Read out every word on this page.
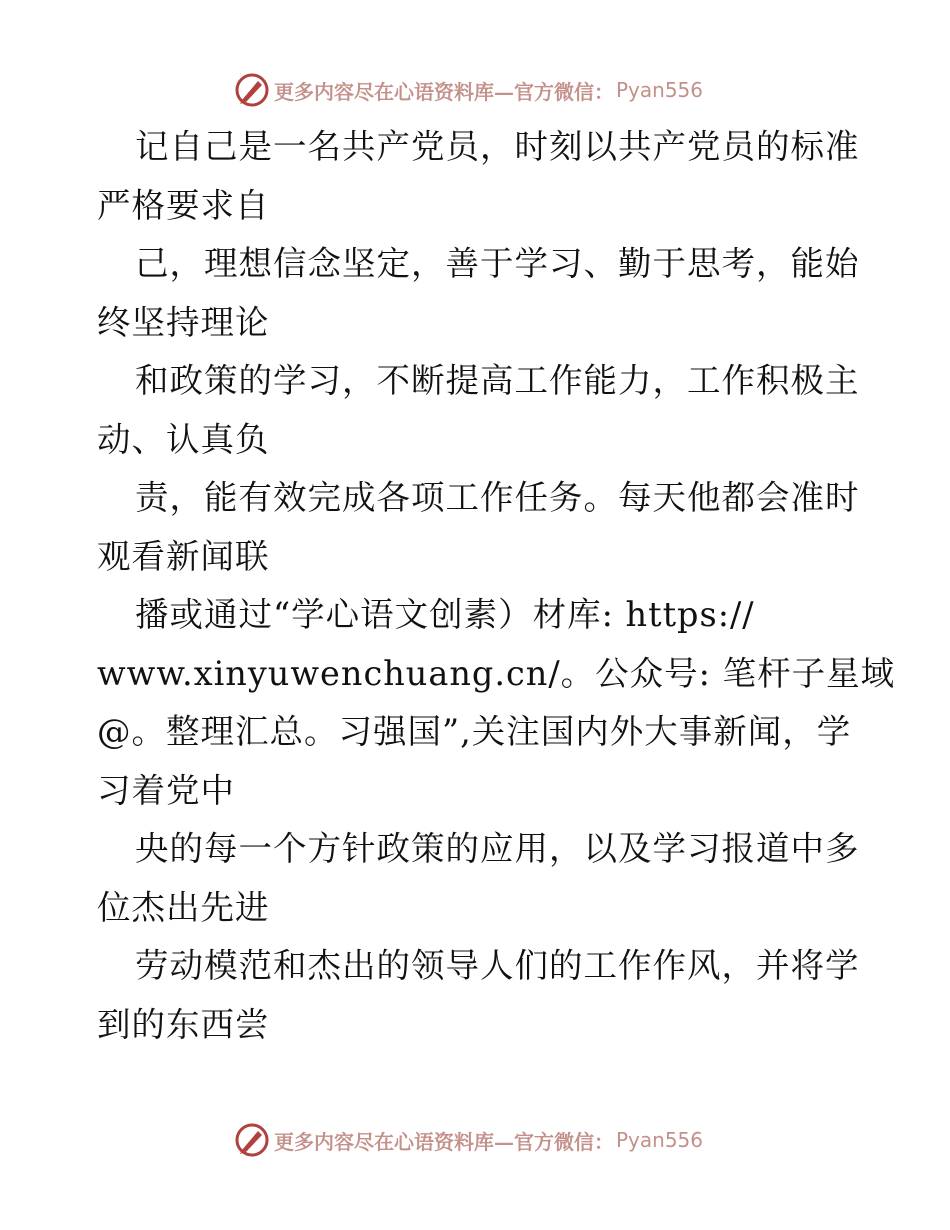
更多内容尽在心语资料库—官方微信： Pyan556
记自己是一名共产党员，时刻以共产党员的标准
严格要求自
己，理想信念坚定，善于学习、勤于思考，能始
终坚持理论
和政策的学习，不断提高工作能力，工作积极主
动、认真负
责，能有效完成各项工作任务。每天他都会准时
观看新闻联
播或通过“学心语文创素）材库: https://
www.xinyuwenchuang.cn/。公众号: 笔杆子星域
@。整理汇总。习强国”,关注国内外大事新闻，学
习着党中
央的每一个方针政策的应用，以及学习报道中多
位杰出先进
劳动模范和杰出的领导人们的工作作风，并将学
到的东西尝
更多内容尽在心语资料库—官方微信： Pyan556
